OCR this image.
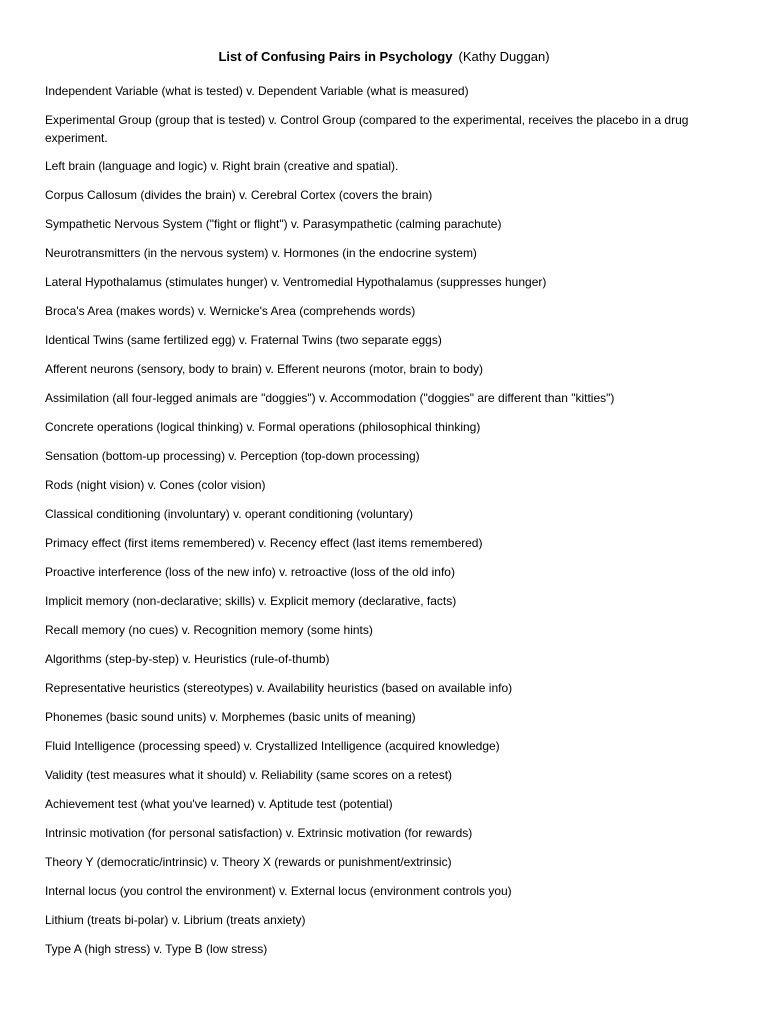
List of Confusing Pairs in Psychology (Kathy Duggan)
Independent Variable (what is tested) v. Dependent Variable (what is measured)
Experimental Group (group that is tested) v. Control Group (compared to the experimental, receives the placebo in a drug experiment.
Left brain (language and logic) v. Right brain (creative and spatial).
Corpus Callosum (divides the brain) v. Cerebral Cortex (covers the brain)
Sympathetic Nervous System ("fight or flight") v. Parasympathetic (calming parachute)
Neurotransmitters (in the nervous system) v. Hormones (in the endocrine system)
Lateral Hypothalamus (stimulates hunger) v. Ventromedial Hypothalamus (suppresses hunger)
Broca's Area (makes words) v. Wernicke's Area (comprehends words)
Identical Twins (same fertilized egg) v. Fraternal Twins (two separate eggs)
Afferent neurons (sensory, body to brain) v. Efferent neurons (motor, brain to body)
Assimilation (all four-legged animals are "doggies") v. Accommodation ("doggies" are different than "kitties")
Concrete operations (logical thinking) v. Formal operations (philosophical thinking)
Sensation (bottom-up processing) v. Perception (top-down processing)
Rods (night vision) v. Cones (color vision)
Classical conditioning (involuntary) v. operant conditioning (voluntary)
Primacy effect (first items remembered) v. Recency effect (last items remembered)
Proactive interference (loss of the new info) v. retroactive (loss of the old info)
Implicit memory (non-declarative; skills) v. Explicit memory (declarative, facts)
Recall memory (no cues) v. Recognition memory (some hints)
Algorithms (step-by-step) v. Heuristics (rule-of-thumb)
Representative heuristics (stereotypes) v. Availability heuristics (based on available info)
Phonemes (basic sound units) v. Morphemes (basic units of meaning)
Fluid Intelligence (processing speed) v. Crystallized Intelligence (acquired knowledge)
Validity (test measures what it should) v. Reliability (same scores on a retest)
Achievement test (what you've learned) v. Aptitude test (potential)
Intrinsic motivation (for personal satisfaction) v. Extrinsic motivation (for rewards)
Theory Y (democratic/intrinsic) v. Theory X (rewards or punishment/extrinsic)
Internal locus (you control the environment) v. External locus (environment controls you)
Lithium (treats bi-polar) v. Librium (treats anxiety)
Type A (high stress) v. Type B (low stress)
